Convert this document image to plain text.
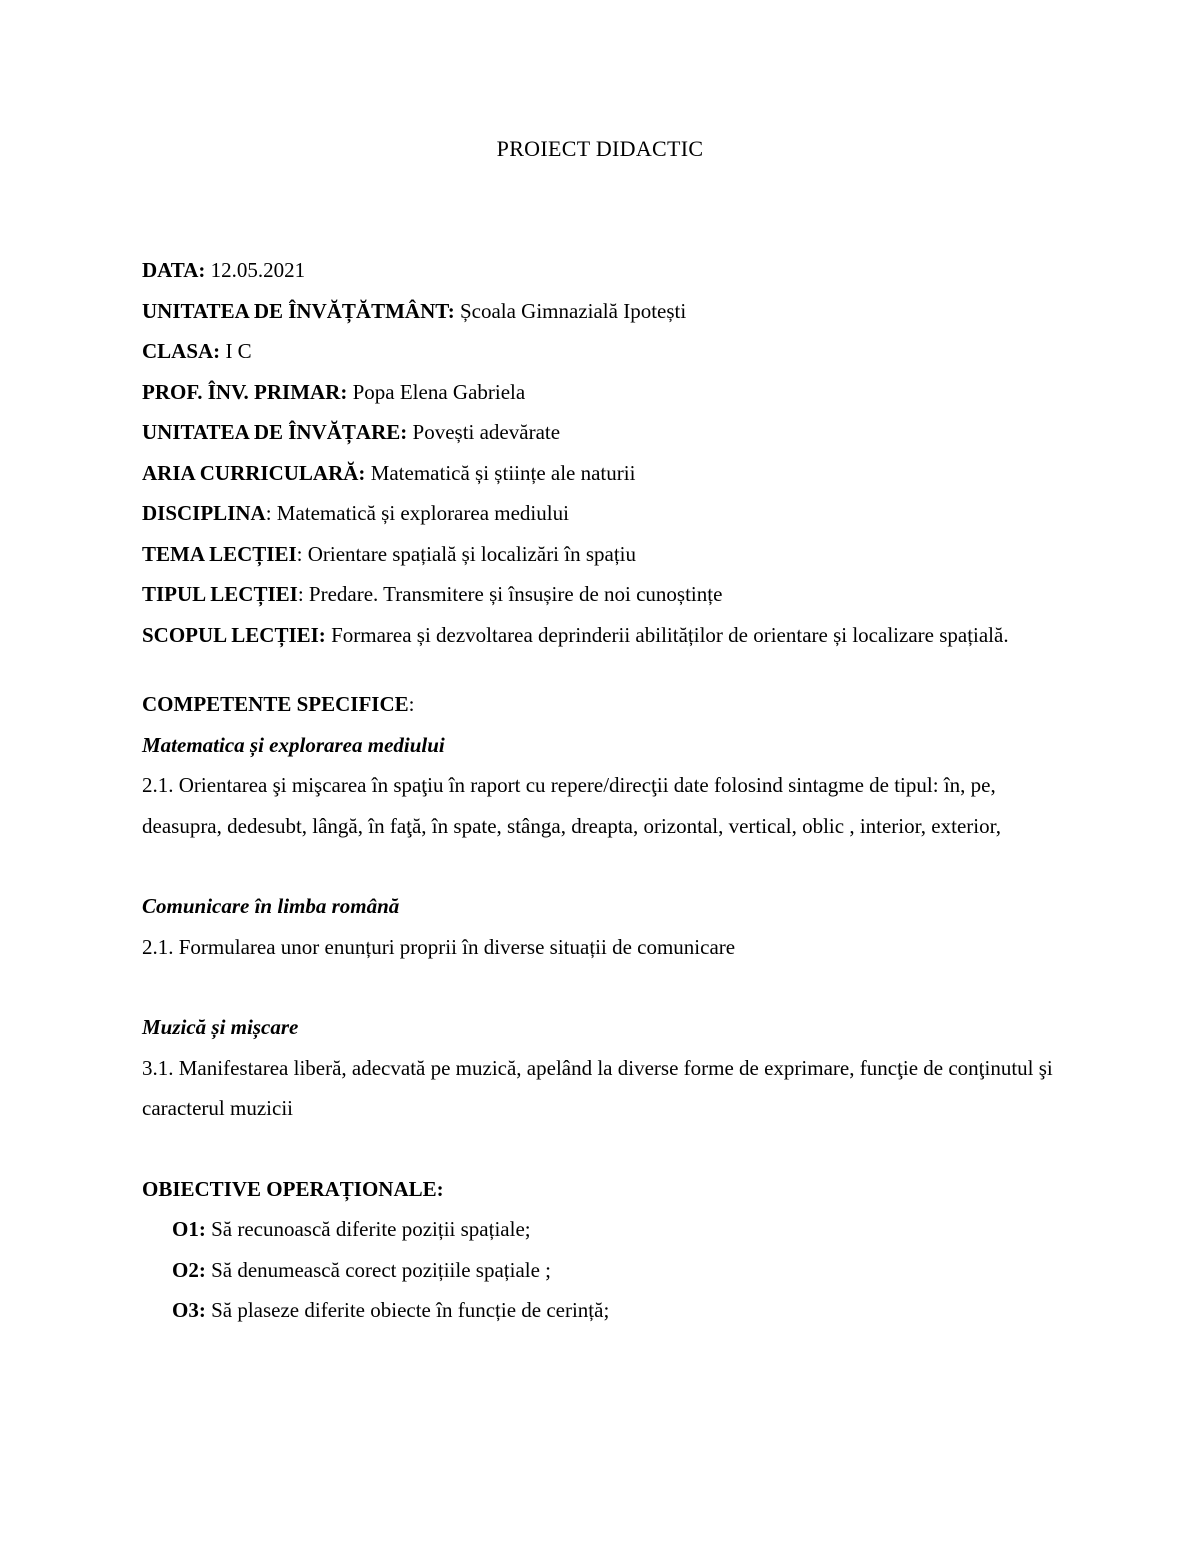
PROIECT DIDACTIC
DATA: 12.05.2021
UNITATEA DE ÎNVĂȚĂTMÂNT: Școala Gimnazială Ipotești
CLASA: I C
PROF. ÎNV. PRIMAR: Popa Elena Gabriela
UNITATEA DE ÎNVĂȚARE: Povești adevărate
ARIA CURRICULARĂ: Matematică și științe ale naturii
DISCIPLINA: Matematică și explorarea mediului
TEMA LECȚIEI: Orientare spațială și localizări în spațiu
TIPUL LECȚIEI: Predare. Transmitere și însușire de noi cunoștințe
SCOPUL LECȚIEI: Formarea și dezvoltarea deprinderii abilităților de orientare și localizare spațială.
COMPETENTE SPECIFICE:
Matematica și explorarea mediului
2.1. Orientarea şi mişcarea în spaţiu în raport cu repere/direcţii date folosind sintagme de tipul: în, pe, deasupra, dedesubt, lângă, în faţă, în spate, stânga, dreapta, orizontal, vertical, oblic , interior, exterior,
Comunicare în limba română
2.1. Formularea unor enunțuri proprii în diverse situații de comunicare
Muzică și mișcare
3.1. Manifestarea liberă, adecvată pe muzică, apelând la diverse forme de exprimare, funcţie de conţinutul şi caracterul muzicii
OBIECTIVE OPERAȚIONALE:
O1: Să recunoască diferite poziții spațiale;
O2: Să denumească corect pozițiile spațiale ;
O3: Să plaseze diferite obiecte în funcție de cerință;
